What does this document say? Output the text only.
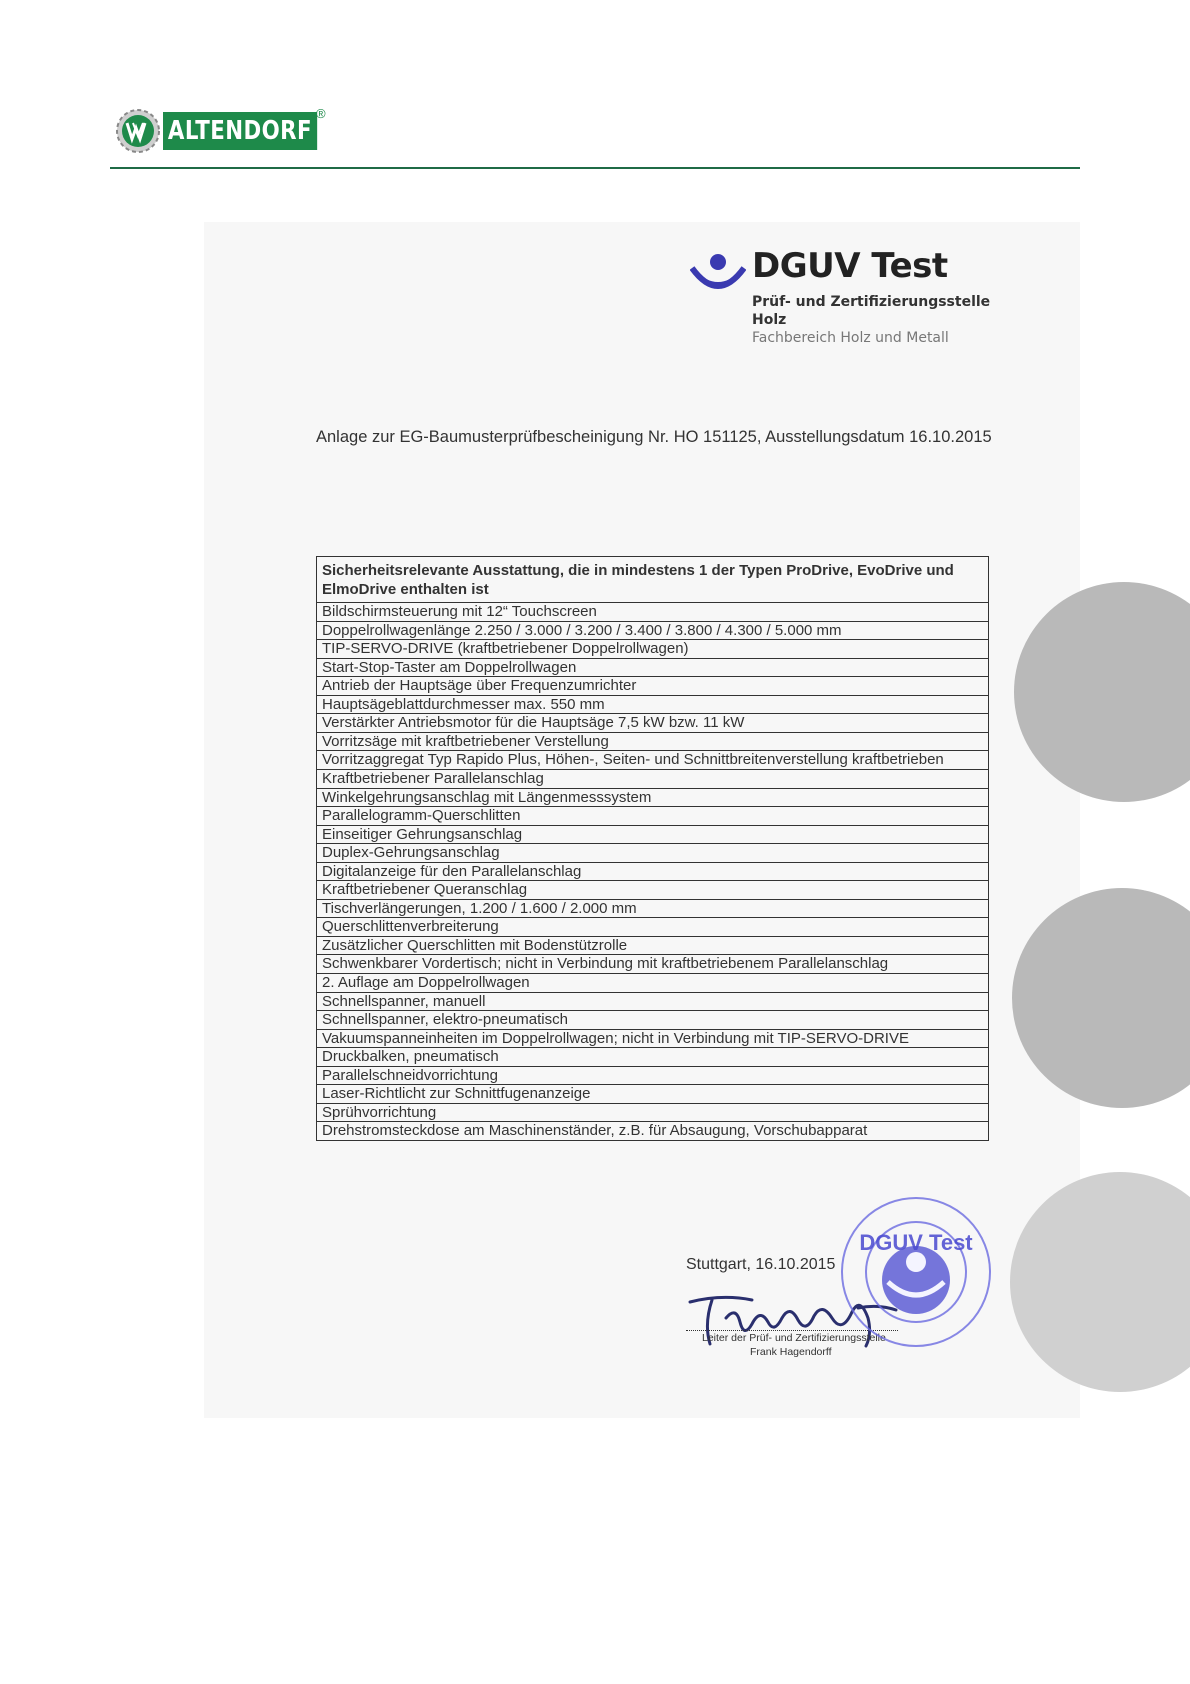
ALTENDORF
®
DGUV Test
Prüf- und Zertifizierungsstelle
Holz
Fachbereich Holz und Metall
Anlage zur EG-Baumusterprüfbescheinigung Nr. HO 151125, Ausstellungsdatum 16.10.2015
Sicherheitsrelevante Ausstattung, die in mindestens 1 der Typen ProDrive, EvoDrive und ElmoDrive enthalten ist
Bildschirmsteuerung mit 12“ Touchscreen
Doppelrollwagenlänge 2.250 / 3.000 / 3.200 / 3.400 / 3.800 / 4.300 / 5.000 mm
TIP-SERVO-DRIVE (kraftbetriebener Doppelrollwagen)
Start-Stop-Taster am Doppelrollwagen
Antrieb der Hauptsäge über Frequenzumrichter
Hauptsägeblattdurchmesser max. 550 mm
Verstärkter Antriebsmotor für die Hauptsäge 7,5 kW bzw. 11 kW
Vorritzsäge mit kraftbetriebener Verstellung
Vorritzaggregat Typ Rapido Plus, Höhen-, Seiten- und Schnittbreitenverstellung kraftbetrieben
Kraftbetriebener Parallelanschlag
Winkelgehrungsanschlag mit Längenmesssystem
Parallelogramm-Querschlitten
Einseitiger Gehrungsanschlag
Duplex-Gehrungsanschlag
Digitalanzeige für den Parallelanschlag
Kraftbetriebener Queranschlag
Tischverlängerungen, 1.200 / 1.600 / 2.000 mm
Querschlittenverbreiterung
Zusätzlicher Querschlitten mit Bodenstützrolle
Schwenkbarer Vordertisch; nicht in Verbindung mit kraftbetriebenem Parallelanschlag
2. Auflage am Doppelrollwagen
Schnellspanner, manuell
Schnellspanner, elektro-pneumatisch
Vakuumspanneinheiten im Doppelrollwagen; nicht in Verbindung mit TIP-SERVO-DRIVE
Druckbalken, pneumatisch
Parallelschneidvorrichtung
Laser-Richtlicht zur Schnittfugenanzeige
Sprühvorrichtung
Drehstromsteckdose am Maschinenständer, z.B. für Absaugung, Vorschubapparat
Stuttgart, 16.10.2015
Leiter der Prüf- und Zertifizierungsstelle
Frank Hagendorff
DGUV Test
